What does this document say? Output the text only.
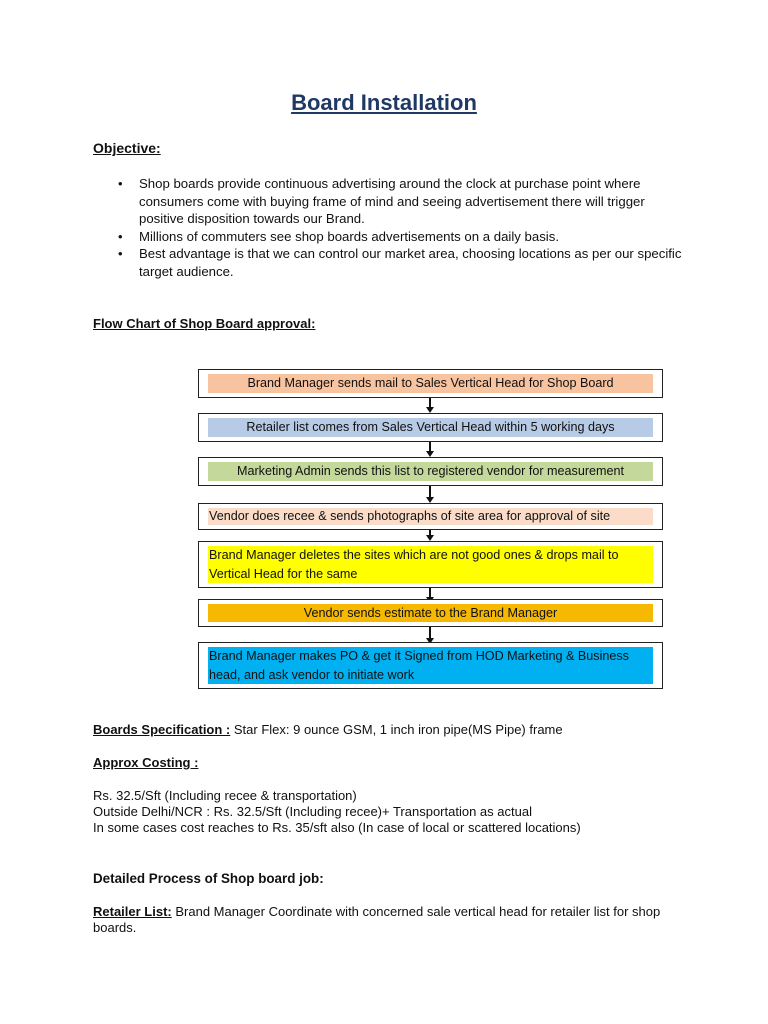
Board Installation
Objective:
• Shop boards provide continuous advertising around the clock at purchase point where consumers come with buying frame of mind and seeing advertisement there will trigger positive disposition towards our Brand.
• Millions of commuters see shop boards advertisements on a daily basis.
• Best advantage is that we can control our market area, choosing locations as per our specific target audience.
Flow Chart of Shop Board approval:
Brand Manager sends mail to Sales Vertical Head for Shop Board
Retailer list comes from Sales Vertical Head within 5 working days
Marketing Admin sends this list to registered vendor for measurement
Vendor does recee & sends photographs of site area for approval of site
Brand Manager deletes the sites which are not good ones & drops mail to Vertical Head for the same
Vendor sends estimate to the Brand Manager
Brand Manager makes PO & get it Signed from HOD Marketing & Business head, and ask vendor to initiate work
Boards Specification : Star Flex: 9 ounce GSM, 1 inch iron pipe(MS Pipe) frame
Approx Costing :
Rs. 32.5/Sft (Including recee & transportation)
Outside Delhi/NCR : Rs. 32.5/Sft (Including recee)+ Transportation as actual
In some cases cost reaches to Rs. 35/sft also (In case of local or scattered locations)
Detailed Process of Shop board job:
Retailer List: Brand Manager Coordinate with concerned sale vertical head for retailer list for shop boards.
